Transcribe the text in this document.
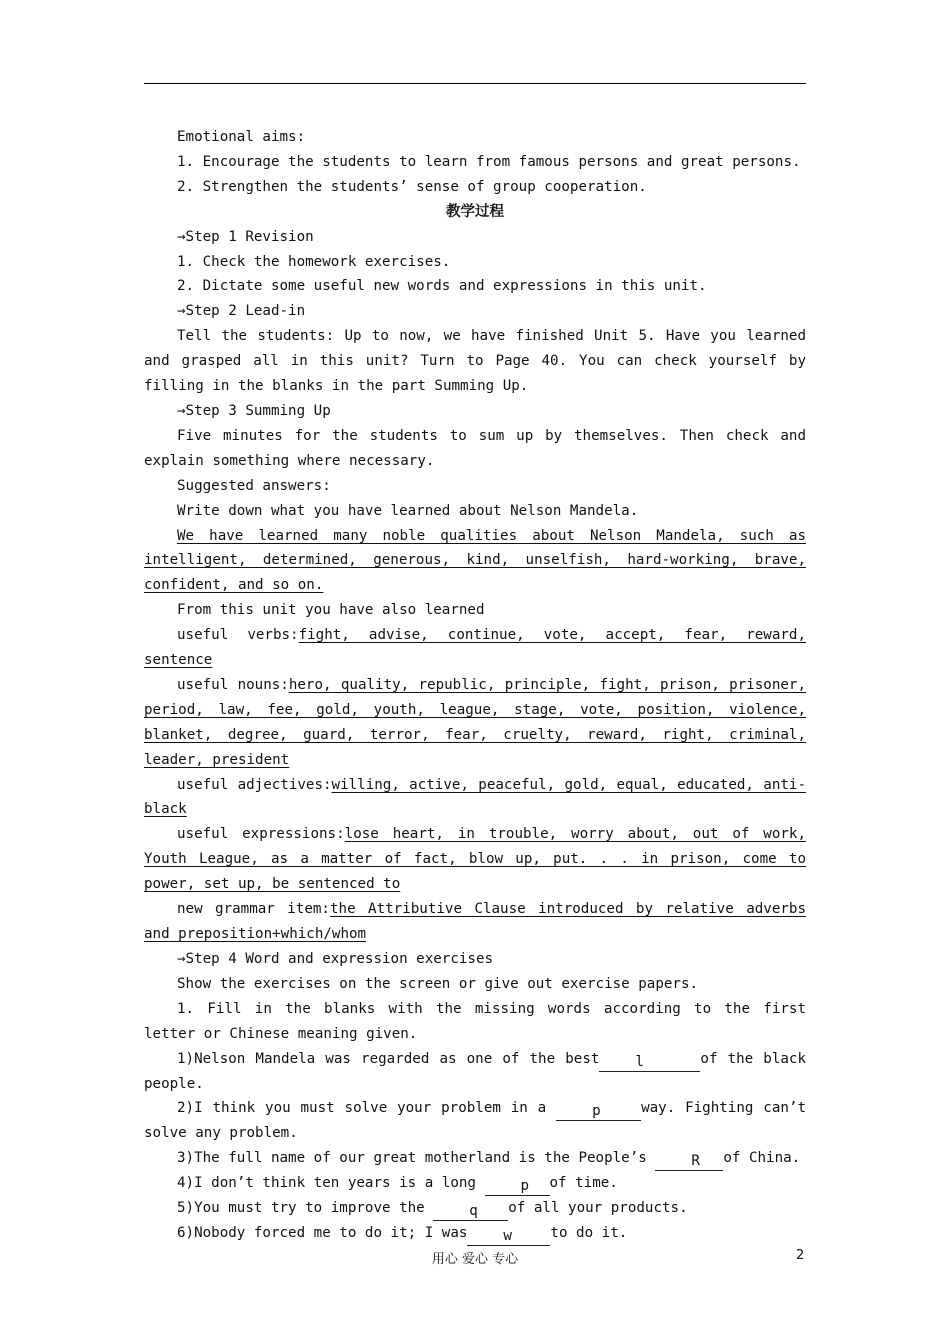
Emotional aims:

1. Encourage the students to learn from famous persons and great persons.

2. Strengthen the students’ sense of group cooperation.

教学过程

→Step 1 Revision

1. Check the homework exercises.

2. Dictate some useful new words and expressions in this unit.

→Step 2 Lead-in

Tell the students: Up to now, we have finished Unit 5. Have you learned and grasped all in this unit? Turn to Page 40. You can check yourself by filling in the blanks in the part Summing Up.

→Step 3 Summing Up

Five minutes for the students to sum up by themselves. Then check and explain something where necessary.

Suggested answers:

Write down what you have learned about Nelson Mandela.

We have learned many noble qualities about Nelson Mandela, such as intelligent, determined, generous, kind, unselfish, hard-working, brave, confident, and so on.

From this unit you have also learned

useful verbs:fight, advise, continue, vote, accept, fear, reward, sentence

useful nouns:hero, quality, republic, principle, fight, prison, prisoner, period, law, fee, gold, youth, league, stage, vote, position, violence, blanket, degree, guard, terror, fear, cruelty, reward, right, criminal, leader, president

useful adjectives:willing, active, peaceful, gold, equal, educated, anti-black

useful expressions:lose heart, in trouble, worry about, out of work, Youth League, as a matter of fact, blow up, put. . . in prison, come to power, set up, be sentenced to

new grammar item:the Attributive Clause introduced by relative adverbs and preposition+which/whom

→Step 4 Word and expression exercises

Show the exercises on the screen or give out exercise papers.

1. Fill in the blanks with the missing words according to the first letter or Chinese meaning given.

1)Nelson Mandela was regarded as one of the best	l	of the black people.

2)I think you must solve your problem in a	p	way. Fighting can’t solve any problem.

3)The full name of our great motherland is the People’s	R of China.

4)I don’t think ten years is a long	p of time.

5)You must try to improve the	q of all your products.

6)Nobody forced me to do it; I was	w	to do it.

用心 爱心 专心	2
